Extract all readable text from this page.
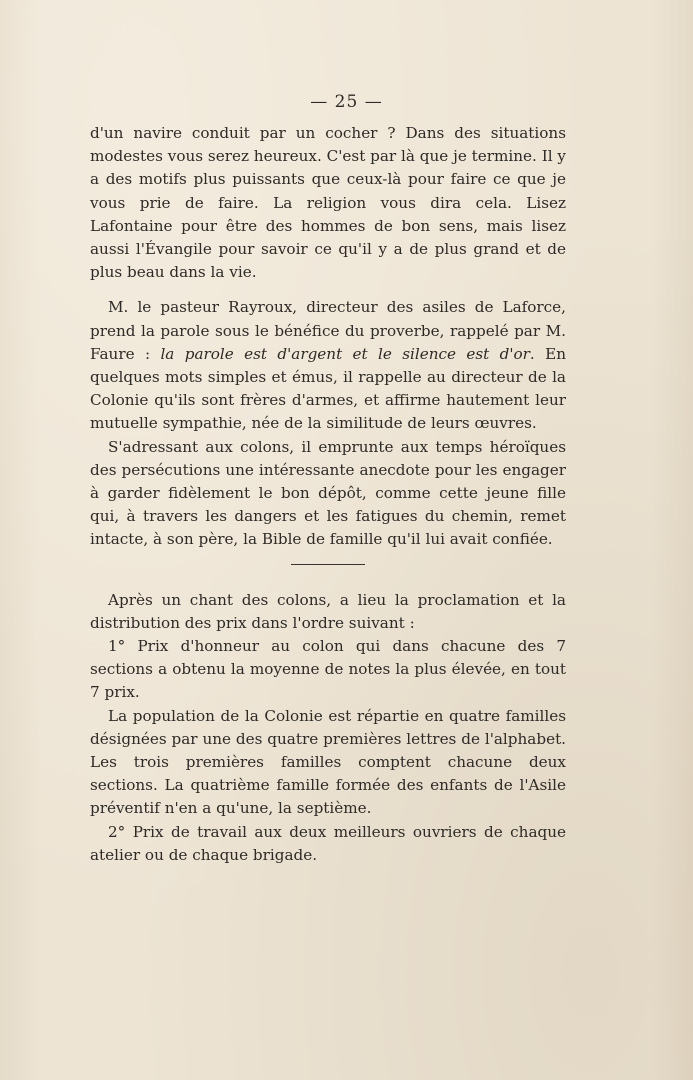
— 25 —

d'un navire conduit par un cocher ? Dans des situations modestes vous serez heureux. C'est par là que je termine. Il y a des motifs plus puissants que ceux-là pour faire ce que je vous prie de faire. La religion vous dira cela. Lisez Lafontaine pour être des hommes de bon sens, mais lisez aussi l'Évangile pour savoir ce qu'il y a de plus grand et de plus beau dans la vie.

M. le pasteur Rayroux, directeur des asiles de Laforce, prend la parole sous le bénéfice du proverbe, rappelé par M. Faure : la parole est d'argent et le silence est d'or. En quelques mots simples et émus, il rappelle au directeur de la Colonie qu'ils sont frères d'armes, et affirme hautement leur mutuelle sympathie, née de la similitude de leurs œuvres.

S'adressant aux colons, il emprunte aux temps héroïques des persécutions une intéressante anecdote pour les engager à garder fidèlement le bon dépôt, comme cette jeune fille qui, à travers les dangers et les fatigues du chemin, remet intacte, à son père, la Bible de famille qu'il lui avait confiée.

Après un chant des colons, a lieu la proclamation et la distribution des prix dans l'ordre suivant :

1° Prix d'honneur au colon qui dans chacune des 7 sections a obtenu la moyenne de notes la plus élevée, en tout 7 prix.

La population de la Colonie est répartie en quatre familles désignées par une des quatre premières lettres de l'alphabet. Les trois premières familles comptent chacune deux sections. La quatrième famille formée des enfants de l'Asile préventif n'en a qu'une, la septième.

2° Prix de travail aux deux meilleurs ouvriers de chaque atelier ou de chaque brigade.
